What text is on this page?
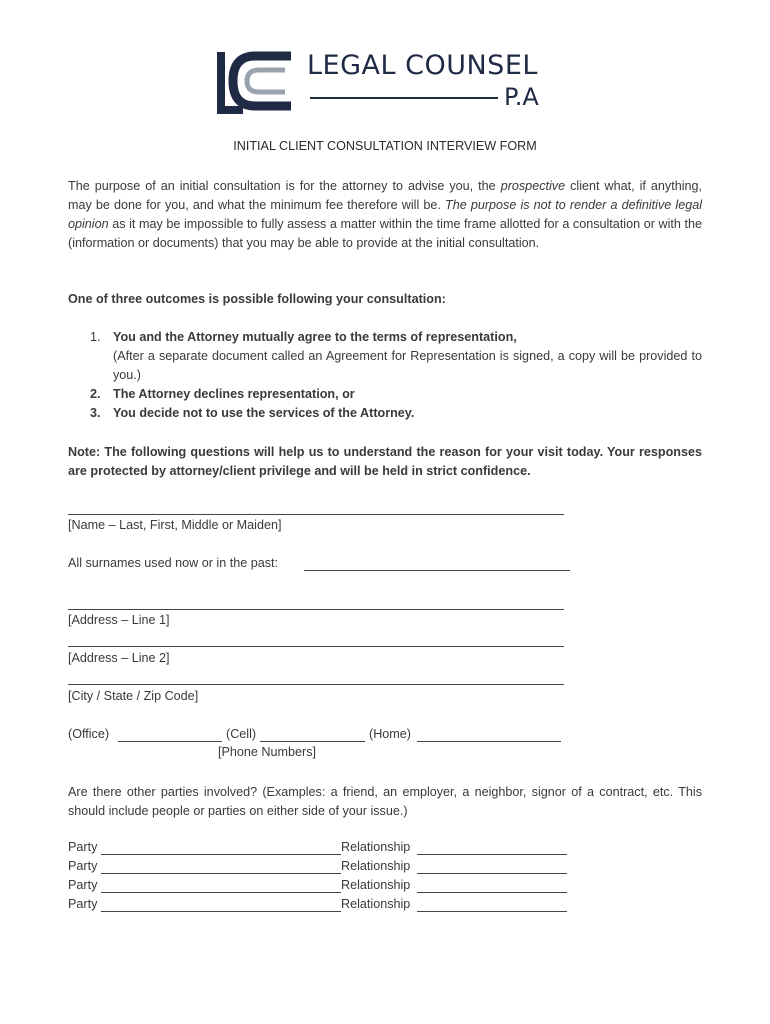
LEGAL COUNSEL
P.A
INITIAL CLIENT CONSULTATION INTERVIEW FORM
The purpose of an initial consultation is for the attorney to advise you, the prospective client what, if anything, may be done for you, and what the minimum fee therefore will be. The purpose is not to render a definitive legal opinion as it may be impossible to fully assess a matter within the time frame allotted for a consultation or with the (information or documents) that you may be able to provide at the initial consultation.
One of three outcomes is possible following your consultation:
1. You and the Attorney mutually agree to the terms of representation,
(After a separate document called an Agreement for Representation is signed, a copy will be provided to you.)
2. The Attorney declines representation, or
3. You decide not to use the services of the Attorney.
Note: The following questions will help us to understand the reason for your visit today. Your responses are protected by attorney/client privilege and will be held in strict confidence.
[Name – Last, First, Middle or Maiden]
All surnames used now or in the past:
[Address – Line 1]
[Address – Line 2]
[City / State / Zip Code]
(Office)	(Cell)	(Home)
[Phone Numbers]
Are there other parties involved? (Examples: a friend, an employer, a neighbor, signor of a contract, etc. This should include people or parties on either side of your issue.)
Party	Relationship
Party	Relationship
Party	Relationship
Party	Relationship
